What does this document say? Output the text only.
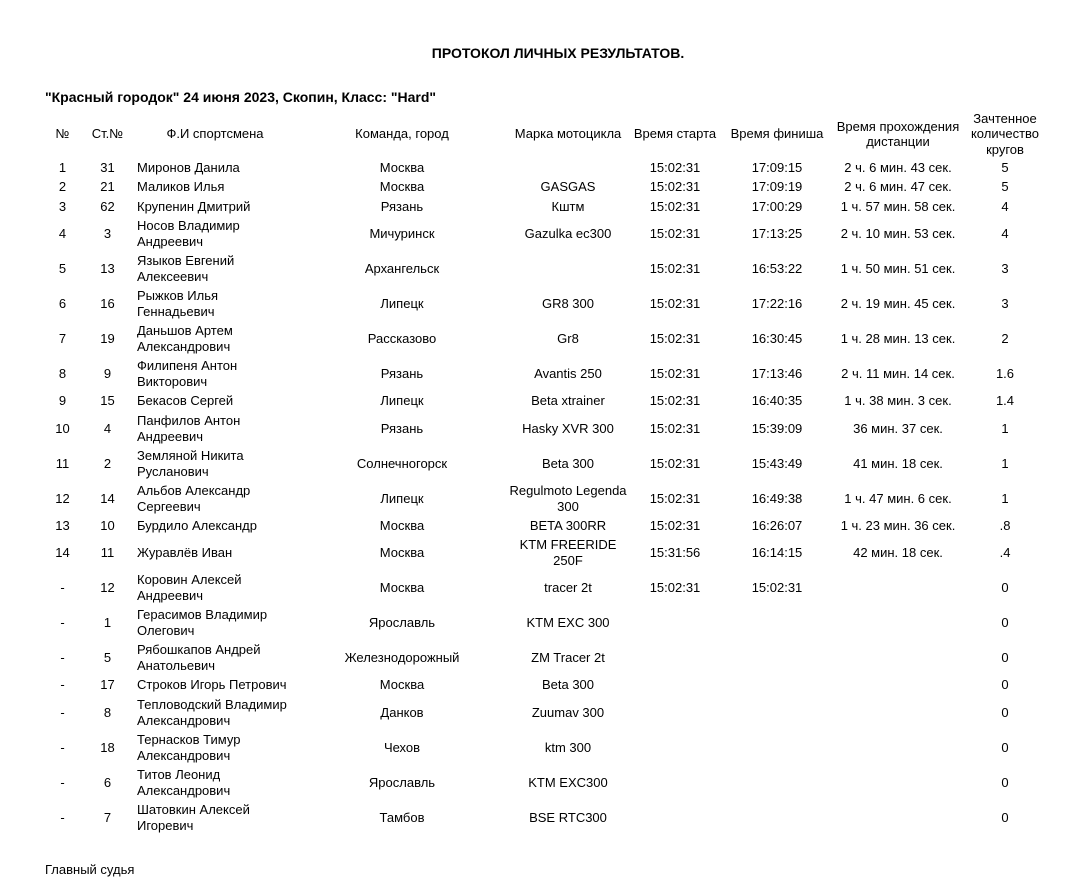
ПРОТОКОЛ ЛИЧНЫХ РЕЗУЛЬТАТОВ.
"Красный городок" 24 июня 2023, Скопин, Класс: "Hard"
№	Ст.№	Ф.И спортсмена	Команда, город	Марка мотоцикла	Время старта	Время финиша	Время прохождения дистанции	Зачтенное количество кругов
1	31	Миронов Данила	Москва		15:02:31	17:09:15	2 ч. 6 мин. 43 сек.	5
2	21	Маликов Илья	Москва	GASGAS	15:02:31	17:09:19	2 ч. 6 мин. 47 сек.	5
3	62	Крупенин Дмитрий	Рязань	Кштм	15:02:31	17:00:29	1 ч. 57 мин. 58 сек.	4
4	3	Носов Владимир Андреевич	Мичуринск	Gazulka ec300	15:02:31	17:13:25	2 ч. 10 мин. 53 сек.	4
5	13	Языков Евгений Алексеевич	Архангельск		15:02:31	16:53:22	1 ч. 50 мин. 51 сек.	3
6	16	Рыжков Илья Геннадьевич	Липецк	GR8 300	15:02:31	17:22:16	2 ч. 19 мин. 45 сек.	3
7	19	Даньшов Артем Александрович	Рассказово	Gr8	15:02:31	16:30:45	1 ч. 28 мин. 13 сек.	2
8	9	Филипеня Антон Викторович	Рязань	Avantis 250	15:02:31	17:13:46	2 ч. 11 мин. 14 сек.	1.6
9	15	Бекасов Сергей	Липецк	Beta xtrainer	15:02:31	16:40:35	1 ч. 38 мин. 3 сек.	1.4
10	4	Панфилов Антон Андреевич	Рязань	Hasky XVR 300	15:02:31	15:39:09	36 мин. 37 сек.	1
11	2	Земляной Никита Русланович	Солнечногорск	Beta 300	15:02:31	15:43:49	41 мин. 18 сек.	1
12	14	Альбов Александр Сергеевич	Липецк	Regulmoto Legenda 300	15:02:31	16:49:38	1 ч. 47 мин. 6 сек.	1
13	10	Бурдило Александр	Москва	BETA 300RR	15:02:31	16:26:07	1 ч. 23 мин. 36 сек.	.8
14	11	Журавлёв Иван	Москва	KTM FREERIDE 250F	15:31:56	16:14:15	42 мин. 18 сек.	.4
-	12	Коровин Алексей Андреевич	Москва	tracer 2t	15:02:31	15:02:31		0
-	1	Герасимов Владимир Олегович	Ярославль	KTM EXC 300				0
-	5	Рябошкапов Андрей Анатольевич	Железнодорожный	ZM Tracer 2t				0
-	17	Строков Игорь Петрович	Москва	Beta 300				0
-	8	Тепловодский Владимир Александрович	Данков	Zuumav 300				0
-	18	Тернасков Тимур Александрович	Чехов	ktm 300				0
-	6	Титов Леонид Александрович	Ярославль	KTM EXC300				0
-	7	Шатовкин Алексей Игоревич	Тамбов	BSE RTC300				0
Главный судья
